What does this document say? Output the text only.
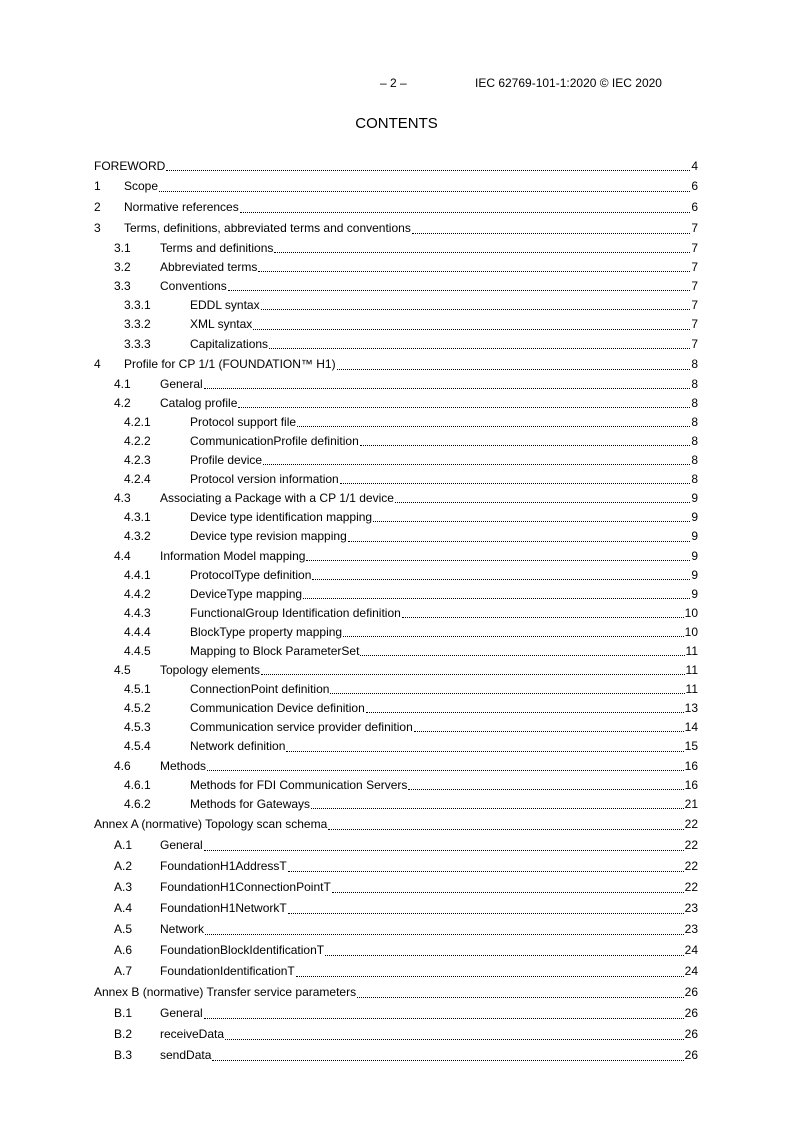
– 2 –	IEC 62769-101-1:2020 © IEC 2020
CONTENTS
FOREWORD	4
1	Scope	6
2	Normative references	6
3	Terms, definitions, abbreviated terms and conventions	7
3.1	Terms and definitions	7
3.2	Abbreviated terms	7
3.3	Conventions	7
3.3.1	EDDL syntax	7
3.3.2	XML syntax	7
3.3.3	Capitalizations	7
4	Profile for CP 1/1 (FOUNDATION™ H1)	8
4.1	General	8
4.2	Catalog profile	8
4.2.1	Protocol support file	8
4.2.2	CommunicationProfile definition	8
4.2.3	Profile device	8
4.2.4	Protocol version information	8
4.3	Associating a Package with a CP 1/1 device	9
4.3.1	Device type identification mapping	9
4.3.2	Device type revision mapping	9
4.4	Information Model mapping	9
4.4.1	ProtocolType definition	9
4.4.2	DeviceType mapping	9
4.4.3	FunctionalGroup Identification definition	10
4.4.4	BlockType property mapping	10
4.4.5	Mapping to Block ParameterSet	11
4.5	Topology elements	11
4.5.1	ConnectionPoint definition	11
4.5.2	Communication Device definition	13
4.5.3	Communication service provider definition	14
4.5.4	Network definition	15
4.6	Methods	16
4.6.1	Methods for FDI Communication Servers	16
4.6.2	Methods for Gateways	21
Annex A (normative) Topology scan schema	22
A.1	General	22
A.2	FoundationH1AddressT	22
A.3	FoundationH1ConnectionPointT	22
A.4	FoundationH1NetworkT	23
A.5	Network	23
A.6	FoundationBlockIdentificationT	24
A.7	FoundationIdentificationT	24
Annex B (normative) Transfer service parameters	26
B.1	General	26
B.2	receiveData	26
B.3	sendData	26
